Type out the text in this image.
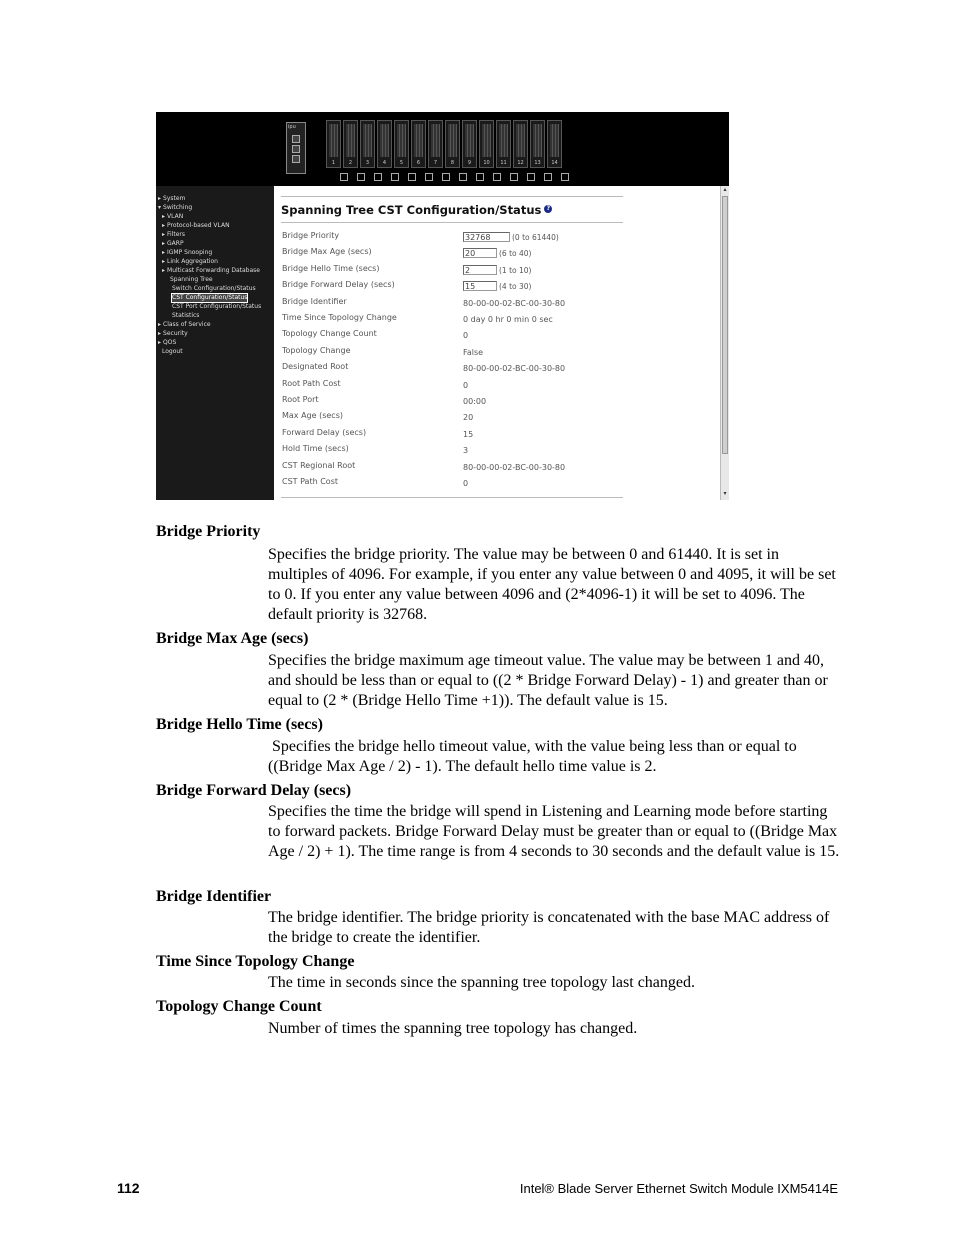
ipu
1	2	3	4	5	6	7	8	9	10	11	12	13	14
▸ System
▾ Switching
▸ VLAN
▸ Protocol-based VLAN
▸ Filters
▸ GARP
▸ IGMP Snooping
▸ Link Aggregation
▸ Multicast Forwarding Database
Spanning Tree
Switch Configuration/Status
CST Configuration/Status
CST Port Configuration/Status
Statistics
▸ Class of Service
▸ Security
▸ QOS
Logout
Spanning Tree CST Configuration/Status ?
Bridge Priority	32768	(0 to 61440)
Bridge Max Age (secs)	20	(6 to 40)
Bridge Hello Time (secs)	2	(1 to 10)
Bridge Forward Delay (secs)	15	(4 to 30)
Bridge Identifier	80-00-00-02-BC-00-30-80
Time Since Topology Change	0 day 0 hr 0 min 0 sec
Topology Change Count	0
Topology Change	False
Designated Root	80-00-00-02-BC-00-30-80
Root Path Cost	0
Root Port	00:00
Max Age (secs)	20
Forward Delay (secs)	15
Hold Time (secs)	3
CST Regional Root	80-00-00-02-BC-00-30-80
CST Path Cost	0
▴
▾
Bridge Priority

Specifies the bridge priority. The value may be between 0 and 61440. It is set in multiples of 4096. For example, if you enter any value between 0 and 4095, it will be set to 0. If you enter any value between 4096 and (2*4096-1) it will be set to 4096. The default priority is 32768.

Bridge Max Age (secs)

Specifies the bridge maximum age timeout value. The value may be between 1 and 40, and should be less than or equal to ((2 * Bridge Forward Delay) - 1) and greater than or equal to (2 * (Bridge Hello Time +1)). The default value is 15.

Bridge Hello Time (secs)

Specifies the bridge hello timeout value, with the value being less than or equal to ((Bridge Max Age / 2) - 1). The default hello time value is 2.

Bridge Forward Delay (secs)

Specifies the time the bridge will spend in Listening and Learning mode before starting to forward packets. Bridge Forward Delay must be greater than or equal to ((Bridge Max Age / 2) + 1). The time range is from 4 seconds to 30 seconds and the default value is 15.

Bridge Identifier

The bridge identifier. The bridge priority is concatenated with the base MAC address of the bridge to create the identifier.

Time Since Topology Change

The time in seconds since the spanning tree topology last changed.

Topology Change Count

Number of times the spanning tree topology has changed.

112	Intel® Blade Server Ethernet Switch Module IXM5414E
